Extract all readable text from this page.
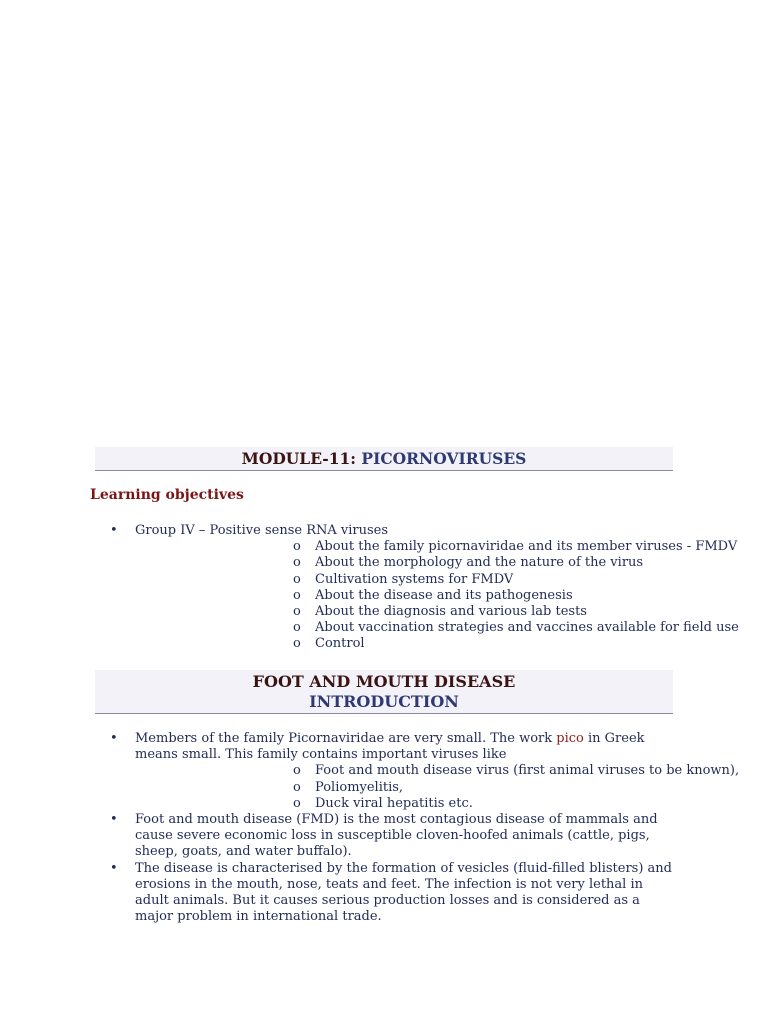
MODULE-11: PICORNOVIRUSES
Learning objectives
• Group IV – Positive sense RNA viruses
o About the family picornaviridae and its member viruses - FMDV
o About the morphology and the nature of the virus
o Cultivation systems for FMDV
o About the disease and its pathogenesis
o About the diagnosis and various lab tests
o About vaccination strategies and vaccines available for field use
o Control
FOOT AND MOUTH DISEASE
INTRODUCTION
• Members of the family Picornaviridae are very small. The work pico in Greek means small. This family contains important viruses like
o Foot and mouth disease virus (first animal viruses to be known),
o Poliomyelitis,
o Duck viral hepatitis etc.
• Foot and mouth disease (FMD) is the most contagious disease of mammals and cause severe economic loss in susceptible cloven-hoofed animals (cattle, pigs, sheep, goats, and water buffalo).
• The disease is characterised by the formation of vesicles (fluid-filled blisters) and erosions in the mouth, nose, teats and feet. The infection is not very lethal in adult animals. But it causes serious production losses and is considered as a major problem in international trade.
